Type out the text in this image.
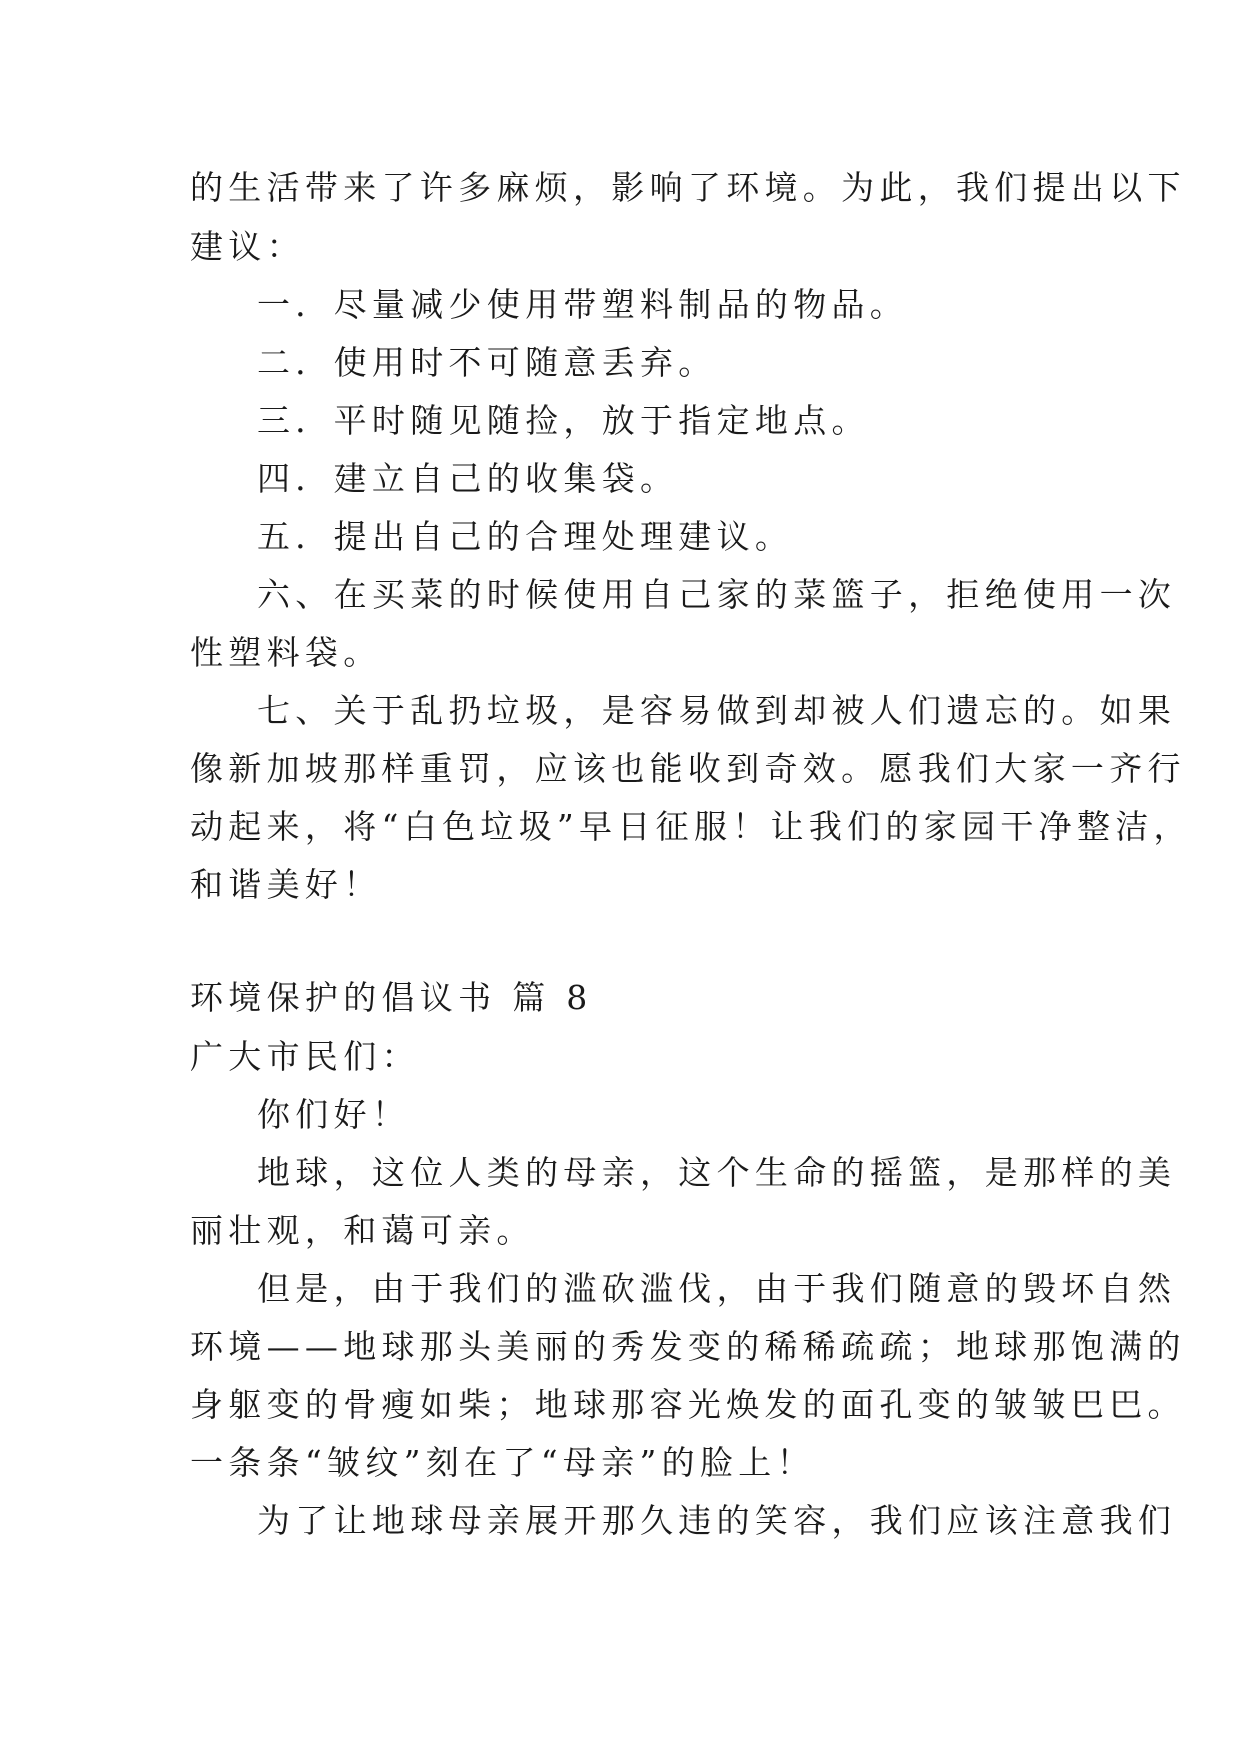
的生活带来了许多麻烦，影响了环境。为此，我们提出以下
建议：
一．尽量减少使用带塑料制品的物品。
二．使用时不可随意丢弃。
三．平时随见随捡，放于指定地点。
四．建立自己的收集袋。
五．提出自己的合理处理建议。
六、在买菜的时候使用自己家的菜篮子，拒绝使用一次
性塑料袋。
七、关于乱扔垃圾，是容易做到却被人们遗忘的。如果
像新加坡那样重罚，应该也能收到奇效。愿我们大家一齐行
动起来，将“白色垃圾”早日征服！让我们的家园干净整洁，
和谐美好！
环境保护的倡议书 篇 8
广大市民们：
你们好！
地球，这位人类的母亲，这个生命的摇篮，是那样的美
丽壮观，和蔼可亲。
但是，由于我们的滥砍滥伐，由于我们随意的毁坏自然
环境——地球那头美丽的秀发变的稀稀疏疏；地球那饱满的
身躯变的骨瘦如柴；地球那容光焕发的面孔变的皱皱巴巴。
一条条“皱纹”刻在了“母亲”的脸上！
为了让地球母亲展开那久违的笑容，我们应该注意我们
